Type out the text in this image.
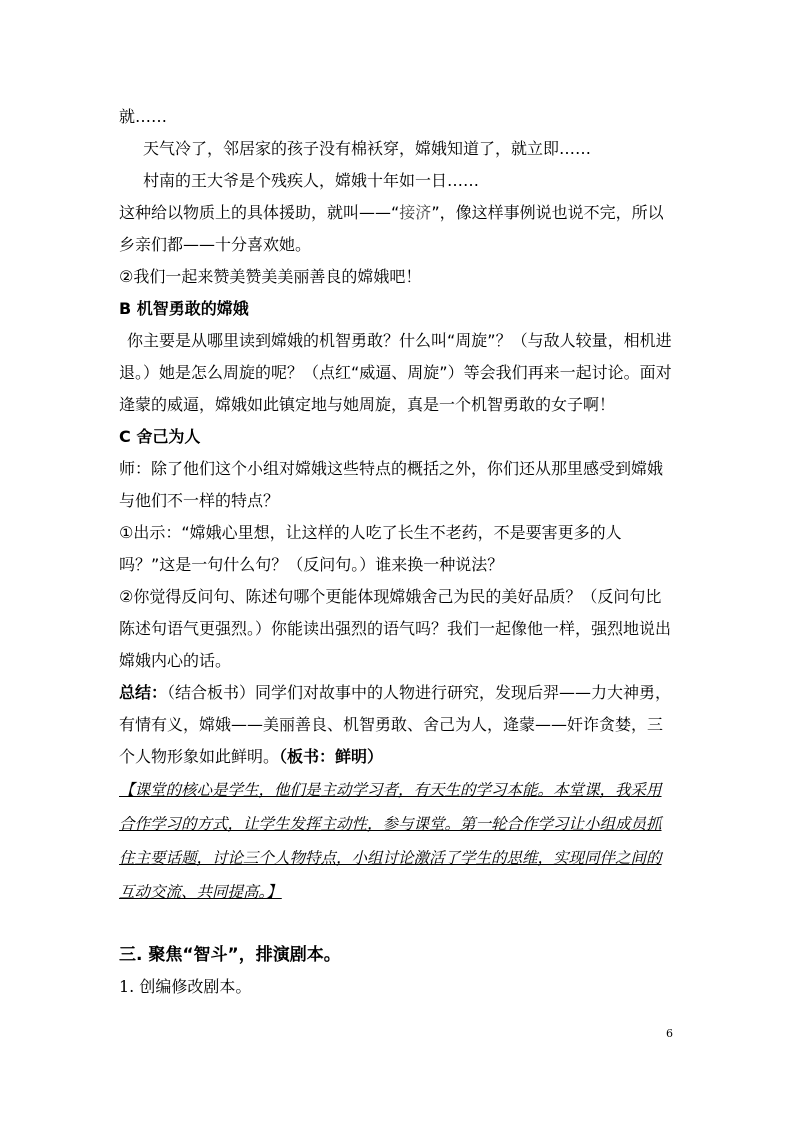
就……

天气冷了，邻居家的孩子没有棉袄穿，嫦娥知道了，就立即……

村南的王大爷是个残疾人，嫦娥十年如一日……

这种给以物质上的具体援助，就叫——“接济”，像这样事例说也说不完，所以乡亲们都——十分喜欢她。

②我们一起来赞美赞美美丽善良的嫦娥吧！

B 机智勇敢的嫦娥

你主要是从哪里读到嫦娥的机智勇敢？什么叫“周旋”？（与敌人较量，相机进退。）她是怎么周旋的呢？（点红“威逼、周旋”）等会我们再来一起讨论。面对逄蒙的威逼，嫦娥如此镇定地与她周旋，真是一个机智勇敢的女子啊！

C 舍己为人

师：除了他们这个小组对嫦娥这些特点的概括之外，你们还从那里感受到嫦娥与他们不一样的特点？

①出示：“嫦娥心里想，让这样的人吃了长生不老药，不是要害更多的人吗？”这是一句什么句？（反问句。）谁来换一种说法？

②你觉得反问句、陈述句哪个更能体现嫦娥舍己为民的美好品质？（反问句比陈述句语气更强烈。）你能读出强烈的语气吗？我们一起像他一样，强烈地说出嫦娥内心的话。

总结：（结合板书）同学们对故事中的人物进行研究，发现后羿——力大神勇，有情有义，嫦娥——美丽善良、机智勇敢、舍己为人，逄蒙——奸诈贪婪，三个人物形象如此鲜明。（板书：鲜明）

【课堂的核心是学生，他们是主动学习者，有天生的学习本能。本堂课，我采用合作学习的方式，让学生发挥主动性，参与课堂。第一轮合作学习让小组成员抓住主要话题，讨论三个人物特点，小组讨论激活了学生的思维，实现同伴之间的互动交流、共同提高。】

三. 聚焦“智斗”，排演剧本。

1. 创编修改剧本。

6
